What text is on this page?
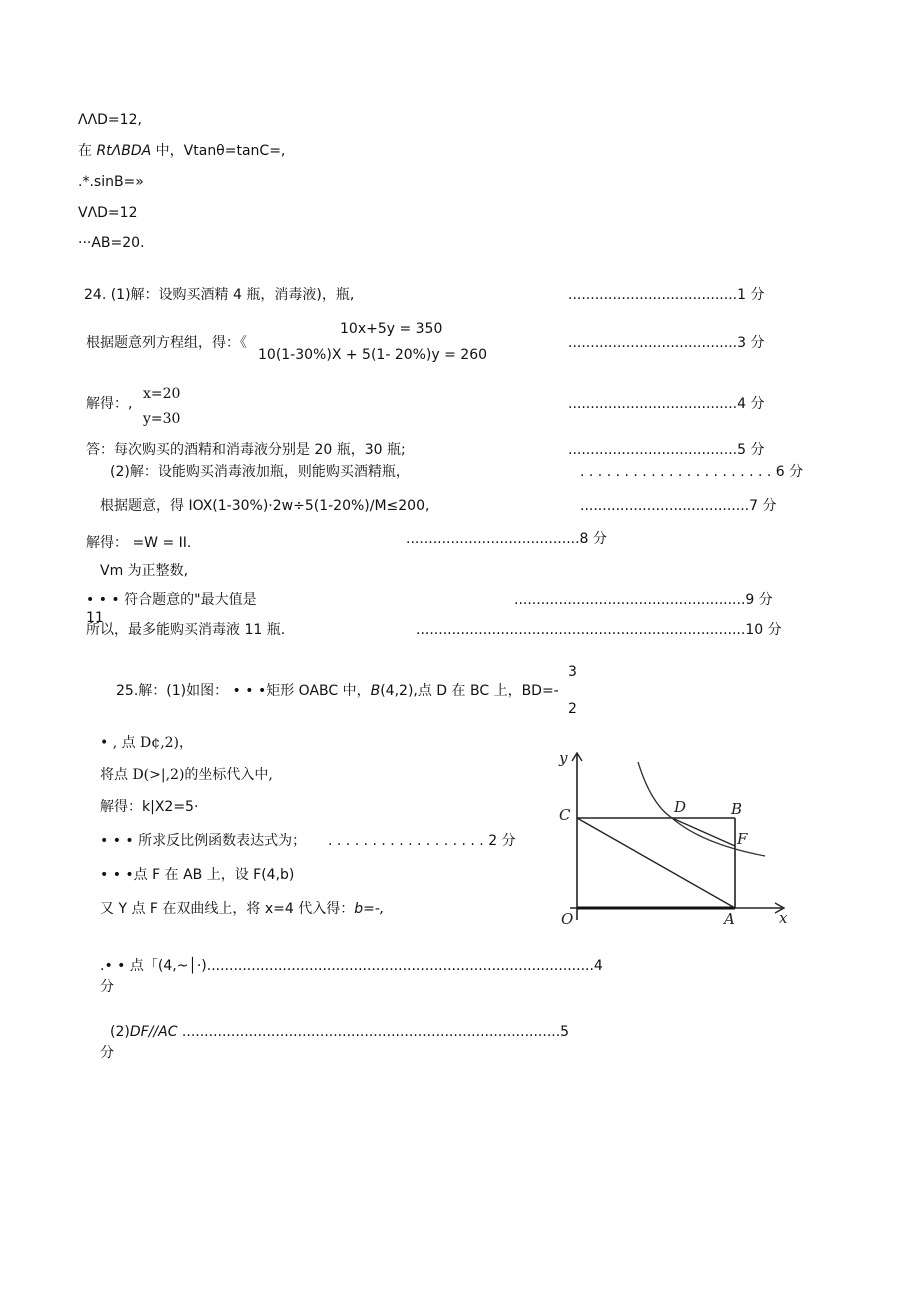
ΛΛD=12,
在 RtΛBDA 中，Vtanθ=tanC=,
.*.sinB=»
VΛD=12
···AB=20.
24. (1)解：设购买酒精 4 瓶，消毒液)，瓶,	......................................1 分
10x+5y = 350
根据题意列方程组，得：《
10(1-30%)X + 5(1- 20%)y = 260
......................................3 分
解得：,
x=20
y=30
......................................4 分
答：每次购买的酒精和消毒液分别是 20 瓶，30 瓶;	......................................5 分
(2)解：设能购买消毒液加瓶，则能购买酒精瓶，	. . . . . . . . . . . . . . . . . . . . . . 6 分
根据题意，得 IOX(1-30%)·2w÷5(1-20%)∕M≤200,	......................................7 分
解得： =W = II.	.......................................8 分
Vm 为正整数,
• • • 符合题意的"最大值是	....................................................9 分
11
所以，最多能购买消毒液 11 瓶.	..........................................................................10 分
3
25.解：(1)如图： • • •矩形 OABC 中，B(4,2),点 D 在 BC 上，BD=-
2
• , 点 D¢,2)，
将点 D(>|,2)的坐标代入中,
解得：k|X2=5·
• • • 所求反比例函数表达式为； . . . . . . . . . . . . . . . . . . 2 分
• • •点 F 在 AB 上，设 F(4,b)
又 Y 点 F 在双曲线上，将 x=4 代入得：b=-,
.• • 点「(4,~│·).......................................................................................4
分
(2)DF//AC .....................................................................................5
分
y
x
O	A
B
C	D
F
